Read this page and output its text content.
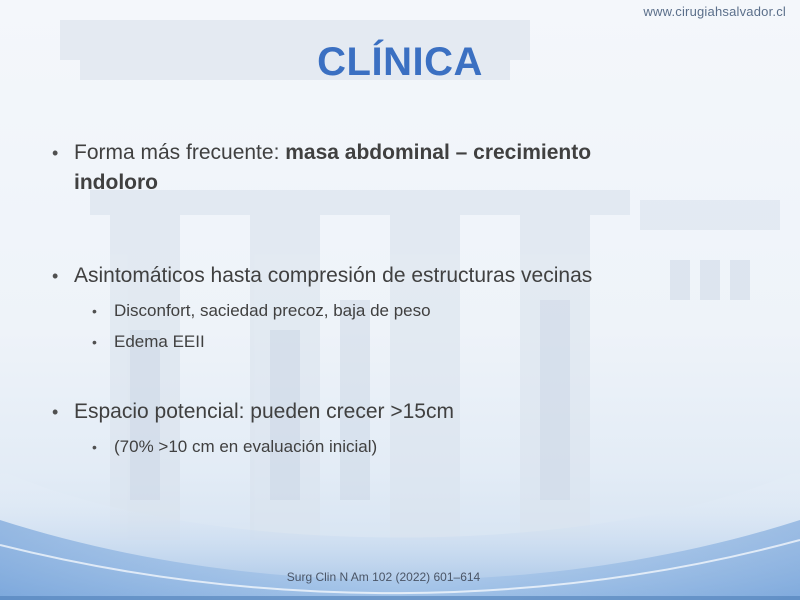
www.cirugiahsalvador.cl
CLÍNICA
• Forma más frecuente: masa abdominal – crecimiento
indoloro
• Asintomáticos hasta compresión de estructuras vecinas
• Disconfort, saciedad precoz, baja de peso
• Edema EEII
• Espacio potencial: pueden crecer >15cm
• (70% >10 cm en evaluación inicial)
Surg Clin N Am 102 (2022) 601–614
